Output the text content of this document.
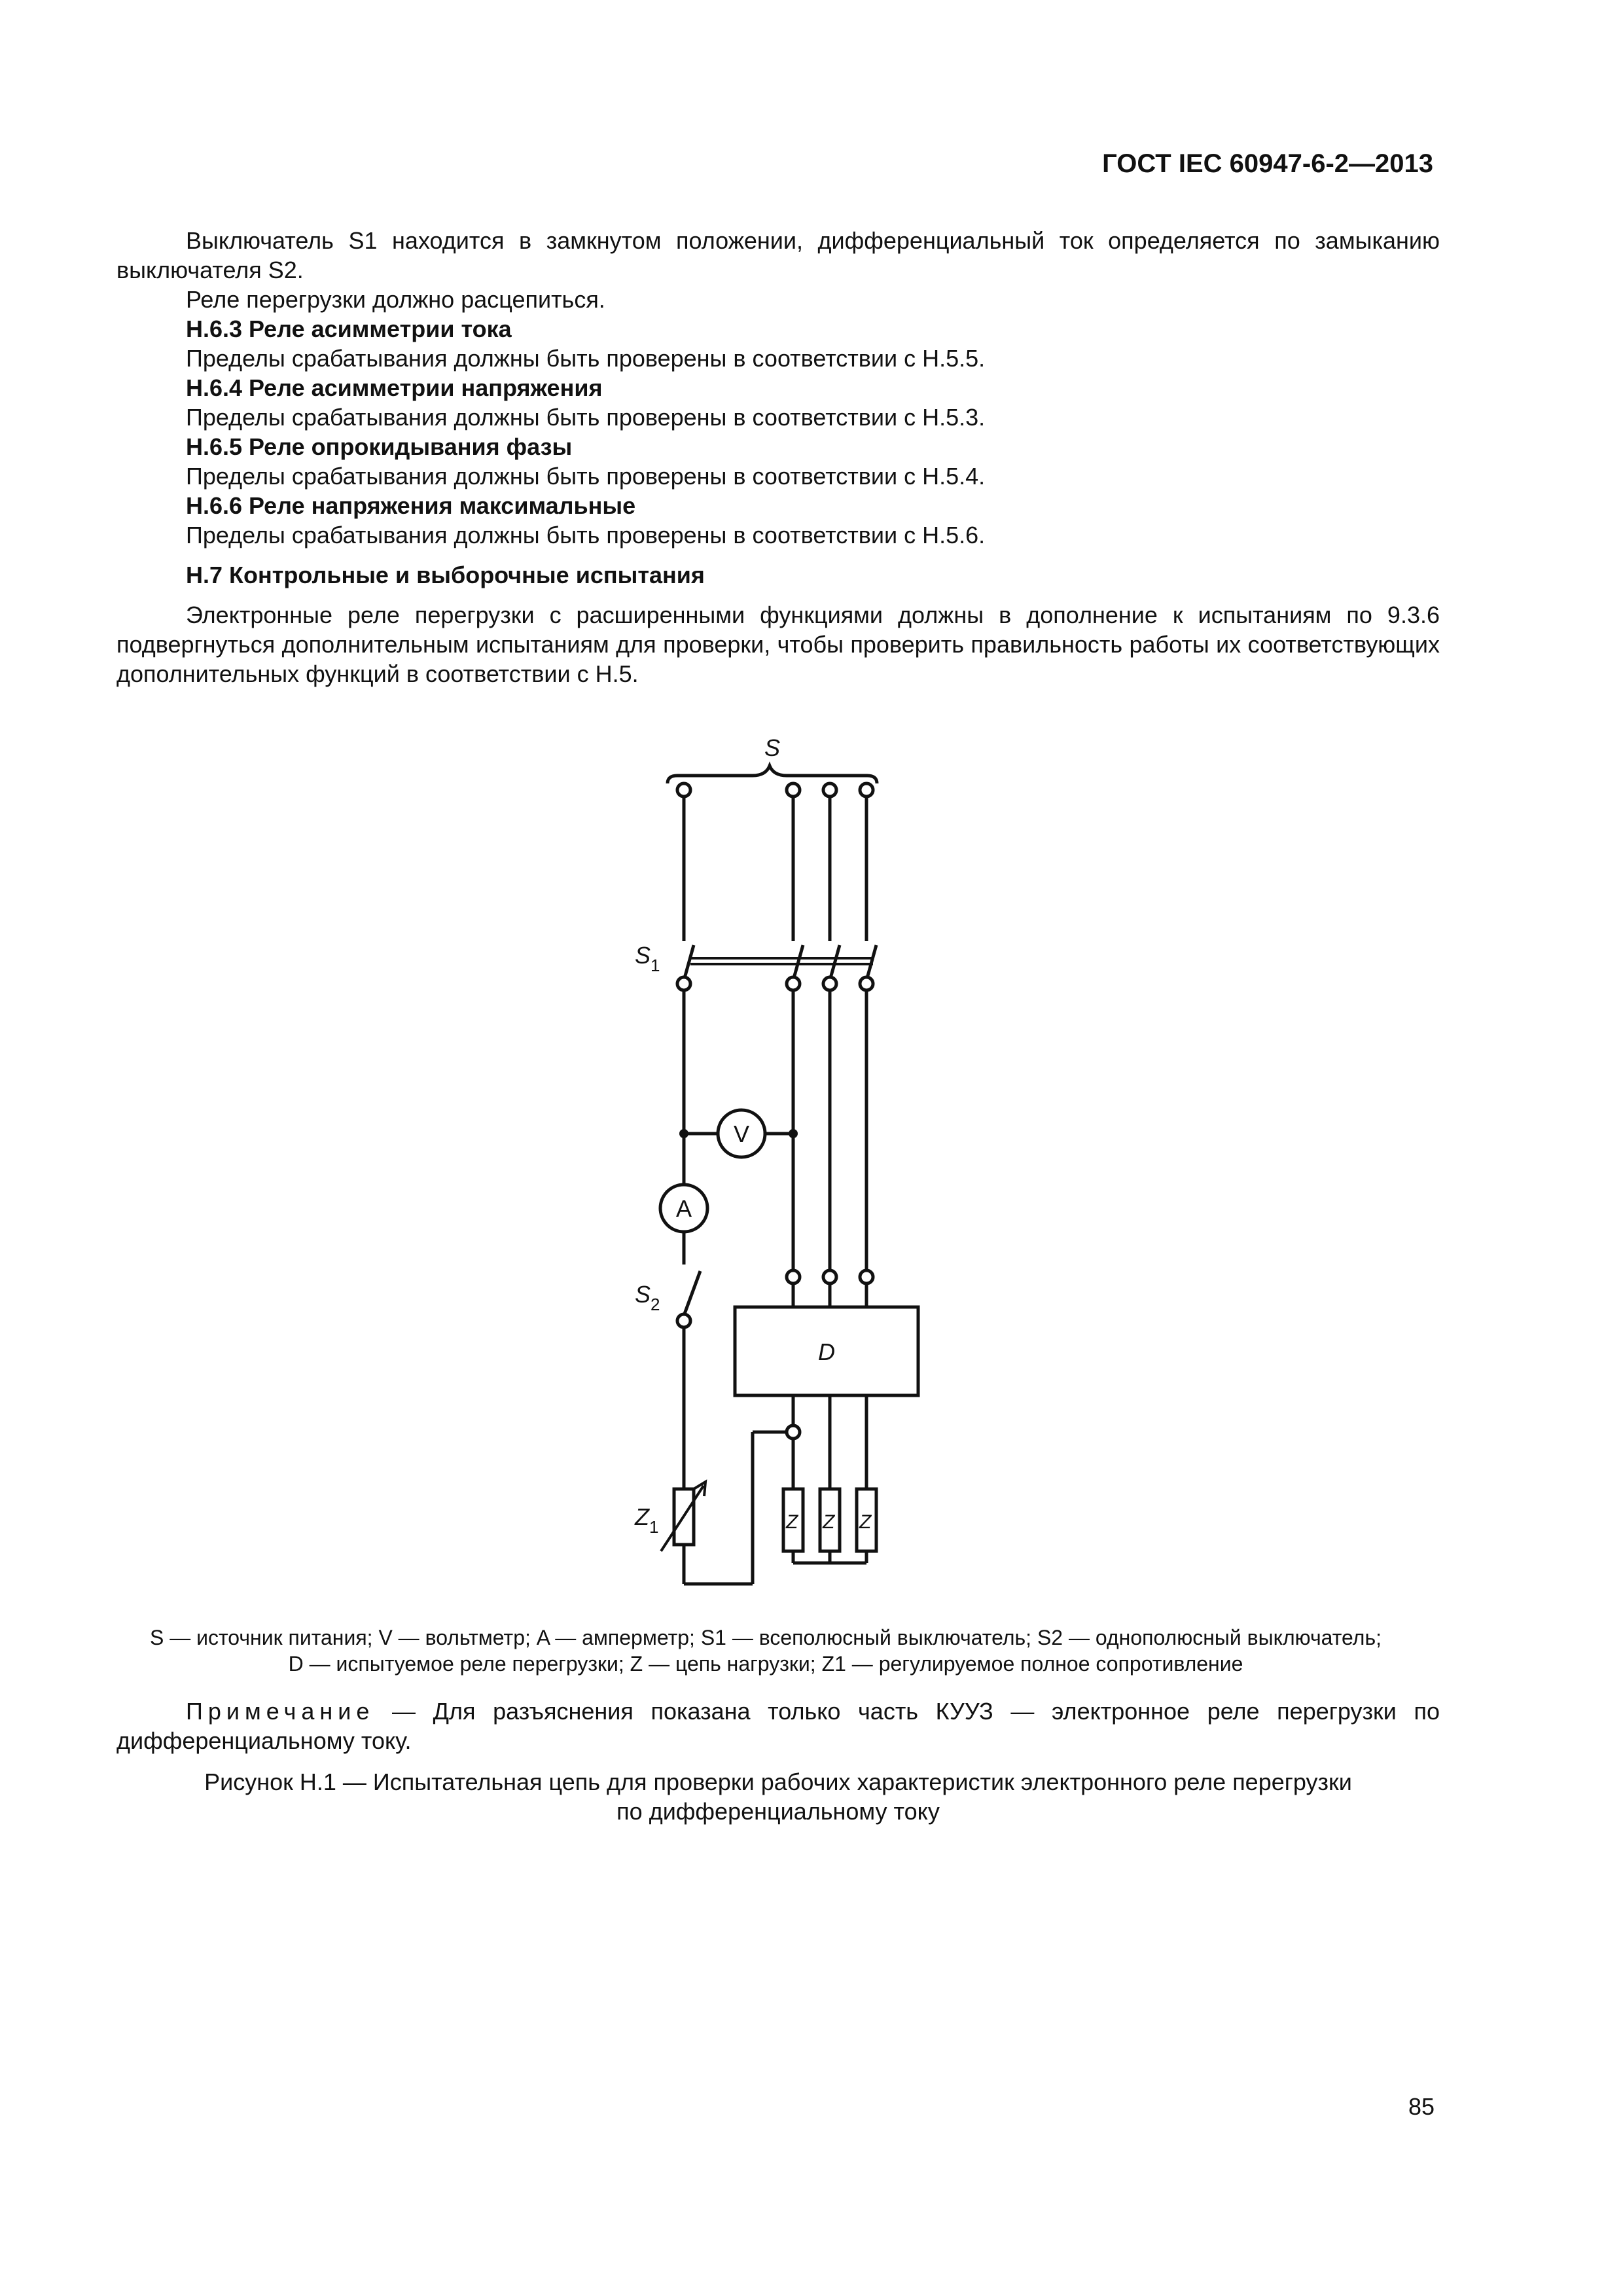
ГОСТ IEC 60947-6-2—2013

Выключатель S1 находится в замкнутом положении, дифференциальный ток определяется по замыканию выключателя S2.

Реле перегрузки должно расцепиться.

H.6.3 Реле асимметрии тока

Пределы срабатывания должны быть проверены в соответствии с H.5.5.

H.6.4 Реле асимметрии напряжения

Пределы срабатывания должны быть проверены в соответствии с H.5.3.

H.6.5 Реле опрокидывания фазы

Пределы срабатывания должны быть проверены в соответствии с H.5.4.

H.6.6 Реле напряжения максимальные

Пределы срабатывания должны быть проверены в соответствии с H.5.6.

H.7 Контрольные и выборочные испытания

Электронные реле перегрузки с расширенными функциями должны в дополнение к испытаниям по 9.3.6 подвергнуться дополнительным испытаниям для проверки, чтобы проверить правильность работы их соответствующих дополнительных функций в соответствии с H.5.

S
$S_1$
$S_2$
V
A
D
Z Z Z
$Z_1$
S — источник питания; V — вольтметр; A — амперметр; S1 — всеполюсный выключатель; S2 — однополюсный выключатель;
D — испытуемое реле перегрузки; Z — цепь нагрузки; Z1 — регулируемое полное сопротивление
Примечание — Для разъяснения показана только часть КУУЗ — электронное реле перегрузки по дифференциальному току.
Рисунок H.1 — Испытательная цепь для проверки рабочих характеристик электронного реле перегрузки
по дифференциальному току
85
